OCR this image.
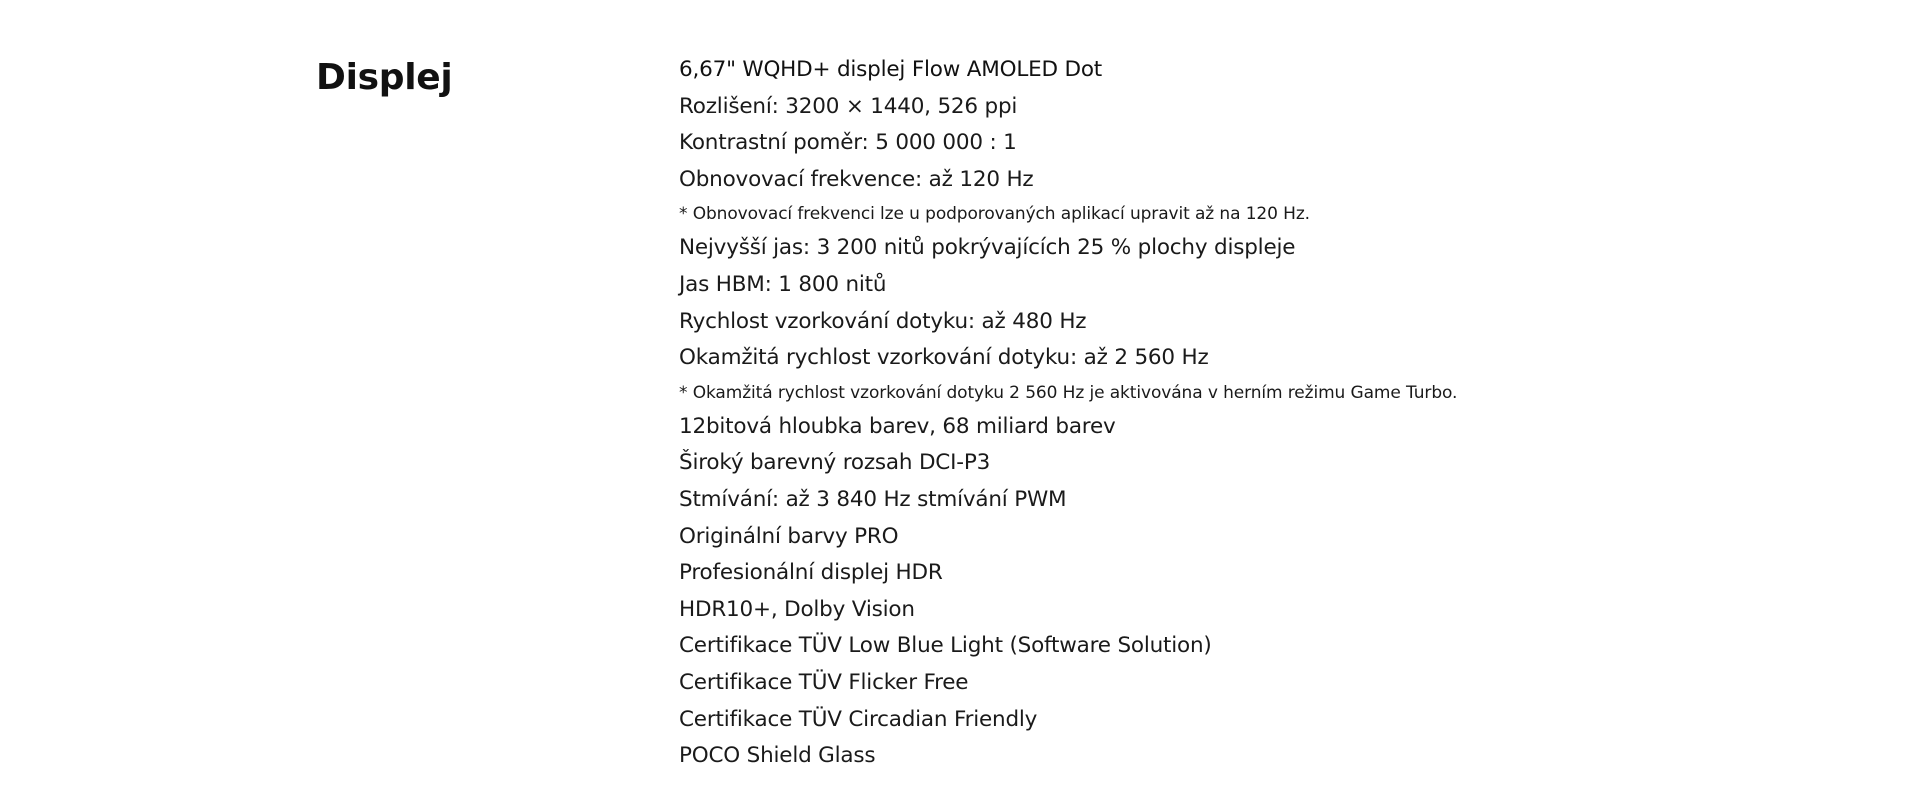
Displej	6,67" WQHD+ displej Flow AMOLED Dot
Rozlišení: 3200 × 1440, 526 ppi
Kontrastní poměr: 5 000 000 : 1
Obnovovací frekvence: až 120 Hz
* Obnovovací frekvenci lze u podporovaných aplikací upravit až na 120 Hz.
Nejvyšší jas: 3 200 nitů pokrývajících 25 % plochy displeje
Jas HBM: 1 800 nitů
Rychlost vzorkování dotyku: až 480 Hz
Okamžitá rychlost vzorkování dotyku: až 2 560 Hz
* Okamžitá rychlost vzorkování dotyku 2 560 Hz je aktivována v herním režimu Game Turbo.
12bitová hloubka barev, 68 miliard barev
Široký barevný rozsah DCI-P3
Stmívání: až 3 840 Hz stmívání PWM
Originální barvy PRO
Profesionální displej HDR
HDR10+, Dolby Vision
Certifikace TÜV Low Blue Light (Software Solution)
Certifikace TÜV Flicker Free
Certifikace TÜV Circadian Friendly
POCO Shield Glass
